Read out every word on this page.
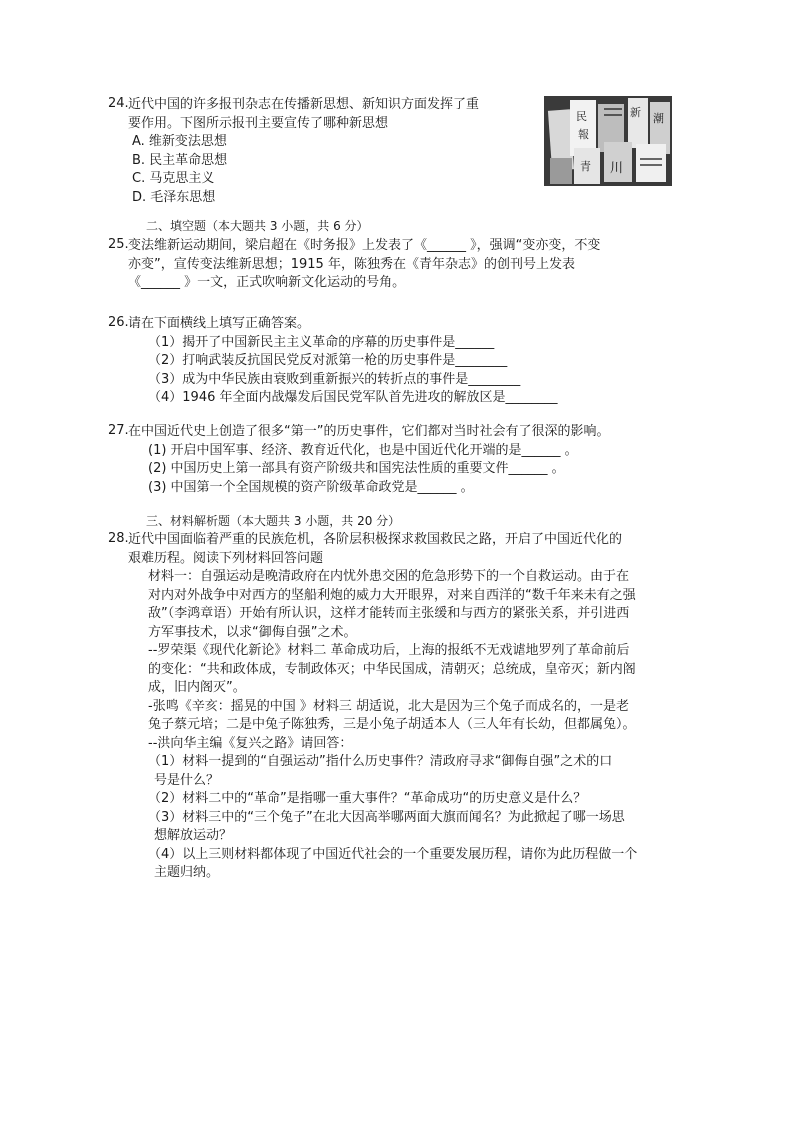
24. 近代中国的许多报刊杂志在传播新思想、新知识方面发挥了重
要作用。下图所示报刊主要宣传了哪种新思想
A. 维新变法思想
B. 民主革命思想
C. 马克思主义
D. 毛泽东思想
民
報
新 潮
川
青
二、填空题（本大题共 3 小题，共 6 分）
25. 变法维新运动期间，梁启超在《时务报》上发表了《______ 》，强调“变亦变，不变
亦变”，宣传变法维新思想；1915 年，陈独秀在《青年杂志》的创刊号上发表
《______ 》一文，正式吹响新文化运动的号角。
26. 请在下面横线上填写正确答案。
（1）揭开了中国新民主主义革命的序幕的历史事件是______
（2）打响武装反抗国民党反对派第一枪的历史事件是________
（3）成为中华民族由衰败到重新振兴的转折点的事件是________
（4）1946 年全面内战爆发后国民党军队首先进攻的解放区是________
27. 在中国近代史上创造了很多“第一”的历史事件，它们都对当时社会有了很深的影响。
(1) 开启中国军事、经济、教育近代化，也是中国近代化开端的是______ 。
(2) 中国历史上第一部具有资产阶级共和国宪法性质的重要文件______ 。
(3) 中国第一个全国规模的资产阶级革命政党是______ 。
三、材料解析题（本大题共 3 小题，共 20 分）
28. 近代中国面临着严重的民族危机，各阶层积极探求救国救民之路，开启了中国近代化的
艰难历程。阅读下列材料回答问题
材料一：自强运动是晚清政府在内忧外患交困的危急形势下的一个自救运动。由于在
对内对外战争中对西方的坚船利炮的威力大开眼界，对来自西洋的“数千年来未有之强
敌”（李鸿章语）开始有所认识，这样才能转而主张缓和与西方的紧张关系，并引进西
方军事技术，以求“御侮自强”之术。
--罗荣渠《现代化新论》材料二 革命成功后，上海的报纸不无戏谑地罗列了革命前后
的变化：“共和政体成，专制政体灭；中华民国成，清朝灭；总统成，皇帝灭；新内阁
成，旧内阁灭”。
-张鸣《辛亥：摇晃的中国 》材料三 胡适说，北大是因为三个兔子而成名的，一是老
兔子蔡元培；二是中兔子陈独秀，三是小兔子胡适本人（三人年有长幼，但都属兔）。
--洪向华主编《复兴之路》请回答：
（1）材料一提到的“自强运动”指什么历史事件？清政府寻求“御侮自强”之术的口
号是什么？
（2）材料二中的“革命”是指哪一重大事件？“革命成功“的历史意义是什么？
（3）材料三中的“三个兔子”在北大因高举哪两面大旗而闻名？为此掀起了哪一场思
想解放运动？
（4）以上三则材料都体现了中国近代社会的一个重要发展历程，请你为此历程做一个
主题归纳。
